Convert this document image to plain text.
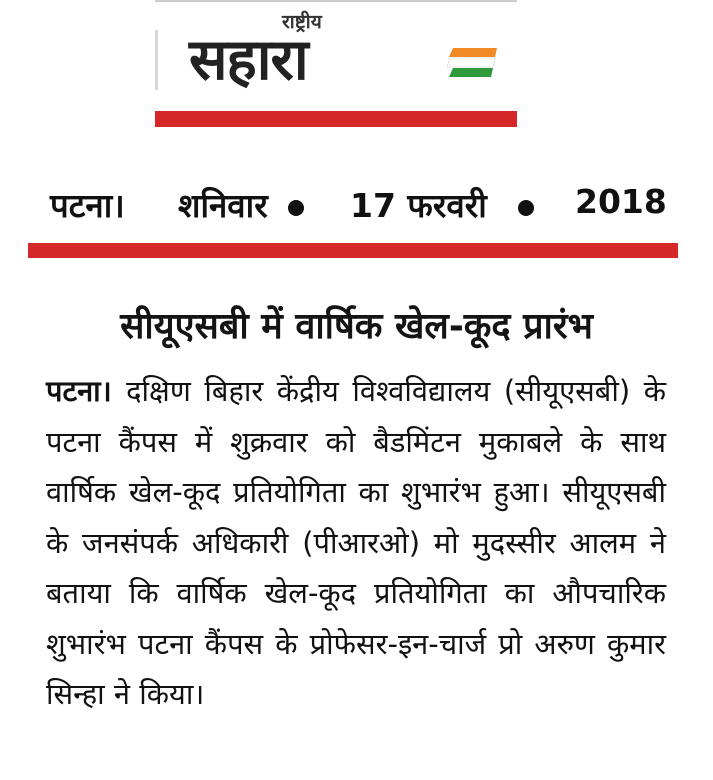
राष्ट्रीय
सहारा
पटना। शनिवार 17 फरवरी	2018
सीयूएसबी में वार्षिक खेल-कूद प्रारंभ
पटना। दक्षिण बिहार केंद्रीय विश्वविद्यालय (सीयूएसबी) के पटना कैंपस में शुक्रवार को बैडमिंटन मुकाबले के साथ वार्षिक खेल-कूद प्रतियोगिता का शुभारंभ हुआ। सीयूएसबी के जनसंपर्क अधिकारी (पीआरओ) मो मुदस्सीर आलम ने बताया कि वार्षिक खेल-कूद प्रतियोगिता का औपचारिक शुभारंभ पटना कैंपस के प्रोफेसर-इन-चार्ज प्रो अरुण कुमार सिन्हा ने किया।
